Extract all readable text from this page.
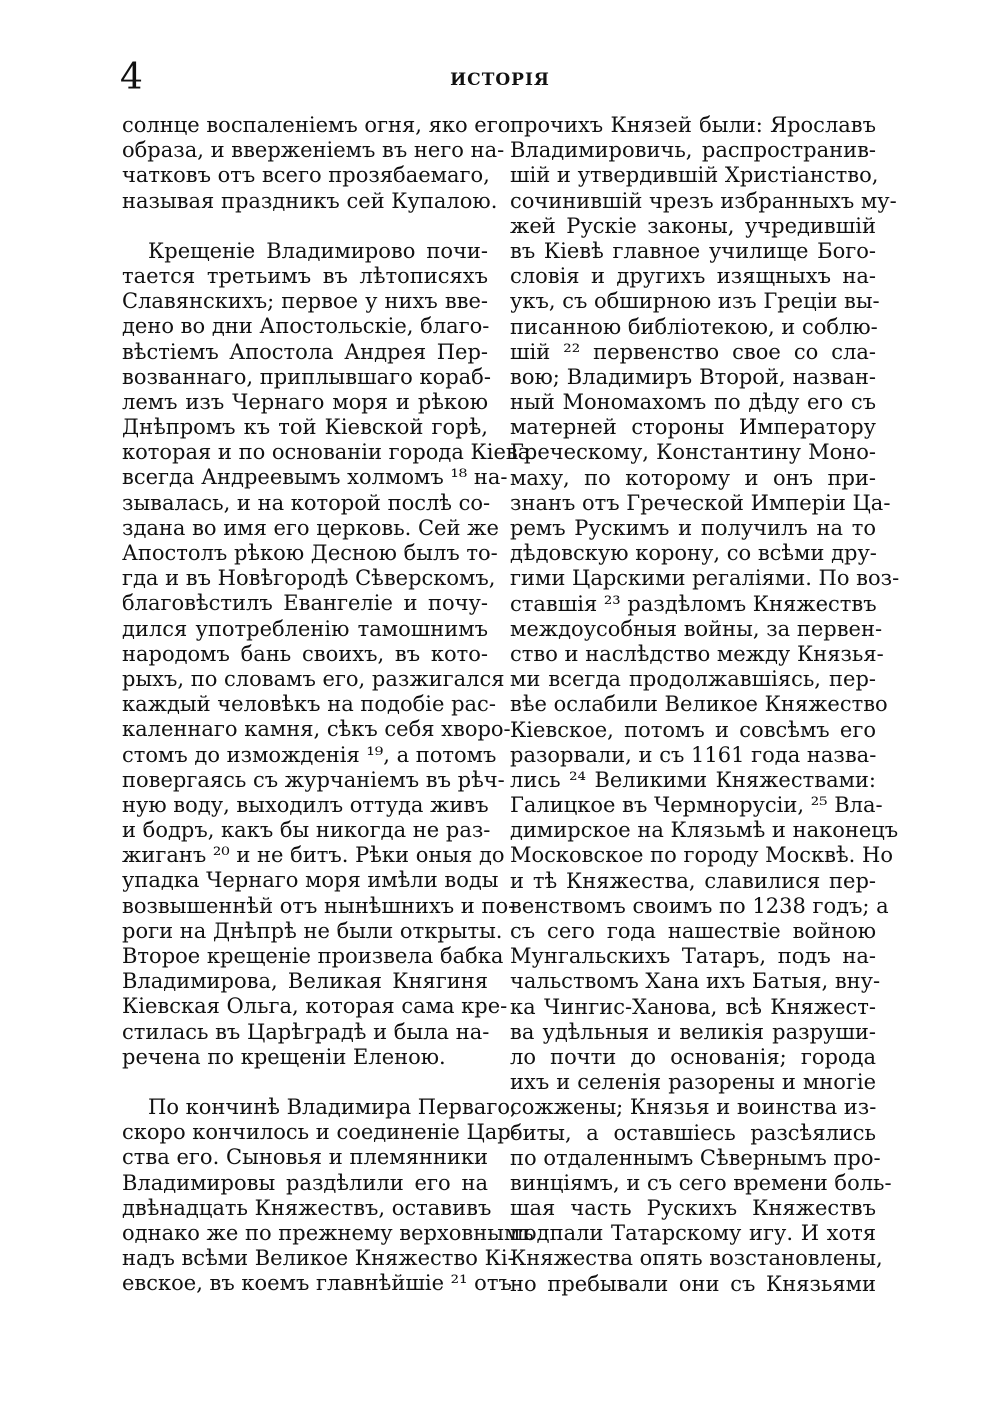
4	ИСТОРІЯ
солнце воспаленіемъ огня, яко его
образа, и ввержeніемъ въ него на-
чатковъ отъ всего прозябаемаго,
называя праздникъ сей Купалою.
Крещеніе Владимирово почи-
тается третьимъ въ лѣтописяхъ
Славянскихъ; первое у нихъ вве-
дено во дни Апостольскіе, благо-
вѣстіемъ Апостола Андрея Пер-
возваннаго, приплывшаго кораб-
лемъ изъ Чернаго моря и рѣкою
Днѣпромъ къ той Кіевской горѣ,
которая и по основаніи города Кіева
всегда Андреевымъ холмомъ ¹⁸ на-
зывалась, и на которой послѣ со-
здана во имя его церковь. Сей же
Апостолъ рѣкою Десною былъ то-
гда и въ Новѣгородѣ Сѣверскомъ,
благовѣстилъ Евангеліе и почу-
дился употребленію тамошнимъ
народомъ бань своихъ, въ кото-
рыхъ, по словамъ его, разжигался
каждый человѣкъ на подобіе рас-
каленнаго камня, сѣкъ себя хворо-
стомъ до изможденія ¹⁹, а потомъ
повергаясь съ журчаніемъ въ рѣч-
ную воду, выходилъ оттуда живъ
и бодръ, какъ бы никогда не раз-
жиганъ ²⁰ и не битъ. Рѣки оныя до
упадка Чернаго моря имѣли воды
возвышеннѣй отъ нынѣшнихъ и по-
роги на Днѣпрѣ не были открыты.
Второе крещеніе произвела бабка
Владимирова, Великая Княгиня
Кіевская Ольга, которая сама кре-
стилась въ Царѣградѣ и была на-
речена по крещеніи Еленою.
По кончинѣ Владимира Перваго,
скоро кончилось и соединеніе Цар-
ства его. Сыновья и племянники
Владимировы раздѣлили его на
двѣнадцать Княжествъ, оставивъ
однако же по прежнему верховнымъ
надъ всѣми Великое Княжество Кі-
евское, въ коемъ главнѣйшіе ²¹ отъ
прочихъ Князей были: Ярославъ
Владимировичь, распространив-
шій и утвердившій Христіанство,
сочинившій чрезъ избранныхъ му-
жей Рускіе законы, учредившій
въ Кіевѣ главное училище Бого-
словія и другихъ изящныхъ на-
укъ, съ обширною изъ Греціи вы-
писанною библіотекою, и соблю-
шій ²² первенство свое со сла-
вою; Владимиръ Второй, назван-
ный Мономахомъ по дѣду его съ
матерней стороны Императору
Греческому, Константину Моно-
маху, по которому и онъ при-
знанъ отъ Греческой Имперіи Ца-
ремъ Рускимъ и получилъ на то
дѣдовскую корону, со всѣми дру-
гими Царскими регаліями. По воз-
ставшія ²³ раздѣломъ Княжествъ
междоусобныя войны, за первен-
ство и наслѣдство между Князья-
ми всегда продолжавшіясь, пер-
вѣе ослабили Великое Княжество
Кіевское, потомъ и совсѣмъ его
разорвали, и съ 1161 года назва-
лись ²⁴ Великими Княжествами:
Галицкое въ Чермнорусіи, ²⁵ Вла-
димирское на Клязьмѣ и наконецъ
Московское по городу Москвѣ. Но
и тѣ Княжества, славилися пер-
венствомъ своимъ по 1238 годъ; а
съ сего года нашествіе войною
Мунгальскихъ Татаръ, подъ на-
чальствомъ Хана ихъ Батыя, вну-
ка Чингис-Ханова, всѣ Княжест-
ва удѣльныя и великія разруши-
ло почти до основанія; города
ихъ и селенія разорены и многіе
сожжены; Князья и воинства из-
биты, а оставшіесь разсѣялись
по отдаленнымъ Сѣвернымъ про-
винціямъ, и съ сего времени боль-
шая часть Рускихъ Княжествъ
подпали Татарскому игу. И хотя
Княжества опять возстановлены,
но пребывали они съ Князьями
